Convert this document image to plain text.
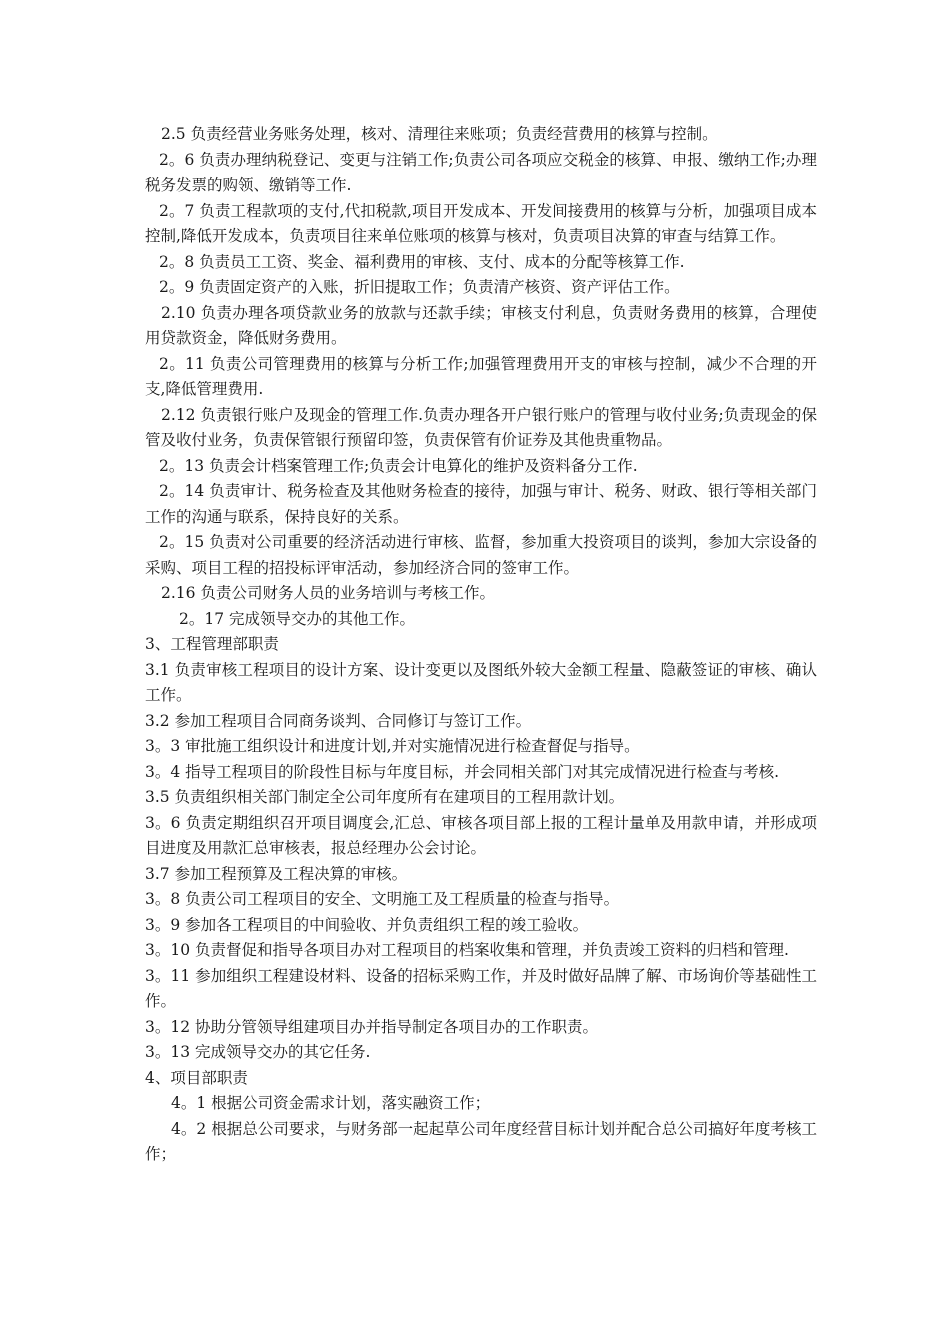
2.5 负责经营业务账务处理，核对、清理往来账项；负责经营费用的核算与控制。

2。6 负责办理纳税登记、变更与注销工作;负责公司各项应交税金的核算、申报、缴纳工作;办理税务发票的购领、缴销等工作.

2。7 负责工程款项的支付,代扣税款,项目开发成本、开发间接费用的核算与分析，加强项目成本控制,降低开发成本，负责项目往来单位账项的核算与核对，负责项目决算的审查与结算工作。

2。8 负责员工工资、奖金、福利费用的审核、支付、成本的分配等核算工作.

2。9 负责固定资产的入账，折旧提取工作；负责清产核资、资产评估工作。

2.10 负责办理各项贷款业务的放款与还款手续；审核支付利息，负责财务费用的核算，合理使用贷款资金，降低财务费用。

2。11 负责公司管理费用的核算与分析工作;加强管理费用开支的审核与控制，减少不合理的开支,降低管理费用.

2.12 负责银行账户及现金的管理工作.负责办理各开户银行账户的管理与收付业务;负责现金的保管及收付业务，负责保管银行预留印签，负责保管有价证券及其他贵重物品。

2。13 负责会计档案管理工作;负责会计电算化的维护及资料备分工作.

2。14 负责审计、税务检查及其他财务检查的接待，加强与审计、税务、财政、银行等相关部门工作的沟通与联系，保持良好的关系。

2。15 负责对公司重要的经济活动进行审核、监督，参加重大投资项目的谈判，参加大宗设备的采购、项目工程的招投标评审活动，参加经济合同的签审工作。

2.16 负责公司财务人员的业务培训与考核工作。

2。17 完成领导交办的其他工作。

3、工程管理部职责

3.1 负责审核工程项目的设计方案、设计变更以及图纸外较大金额工程量、隐蔽签证的审核、确认工作。

3.2 参加工程项目合同商务谈判、合同修订与签订工作。

3。3 审批施工组织设计和进度计划,并对实施情况进行检查督促与指导。

3。4 指导工程项目的阶段性目标与年度目标，并会同相关部门对其完成情况进行检查与考核.

3.5 负责组织相关部门制定全公司年度所有在建项目的工程用款计划。

3。6 负责定期组织召开项目调度会,汇总、审核各项目部上报的工程计量单及用款申请，并形成项目进度及用款汇总审核表，报总经理办公会讨论。

3.7 参加工程预算及工程决算的审核。

3。8 负责公司工程项目的安全、文明施工及工程质量的检查与指导。

3。9 参加各工程项目的中间验收、并负责组织工程的竣工验收。

3。10 负责督促和指导各项目办对工程项目的档案收集和管理，并负责竣工资料的归档和管理.

3。11 参加组织工程建设材料、设备的招标采购工作，并及时做好品牌了解、市场询价等基础性工作。

3。12 协助分管领导组建项目办并指导制定各项目办的工作职责。

3。13 完成领导交办的其它任务.

4、项目部职责

4。1 根据公司资金需求计划，落实融资工作；

4。2 根据总公司要求，与财务部一起起草公司年度经营目标计划并配合总公司搞好年度考核工作；
